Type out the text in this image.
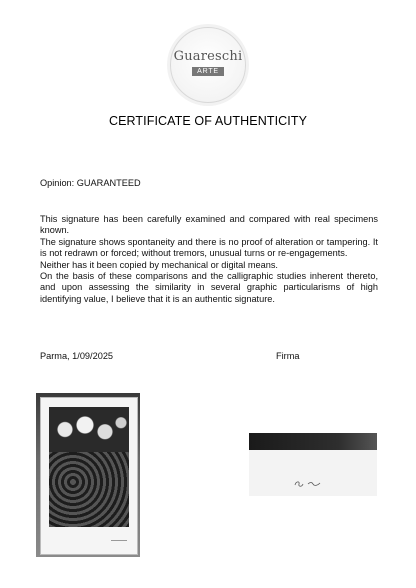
Guareschi
ARTE
CERTIFICATE OF AUTHENTICITY
Opinion: GUARANTEED

This signature has been carefully examined and compared with real specimens known.

The signature shows spontaneity and there is no proof of alteration or tampering. It is not redrawn or forced; without tremors, unusual turns or re-engagements.

Neither has it been copied by mechanical or digital means.

On the basis of these comparisons and the calligraphic studies inherent thereto, and upon assessing the similarity in several graphic particularisms of high identifying value, I believe that it is an authentic signature.

Parma, 1/09/2025	Firma
